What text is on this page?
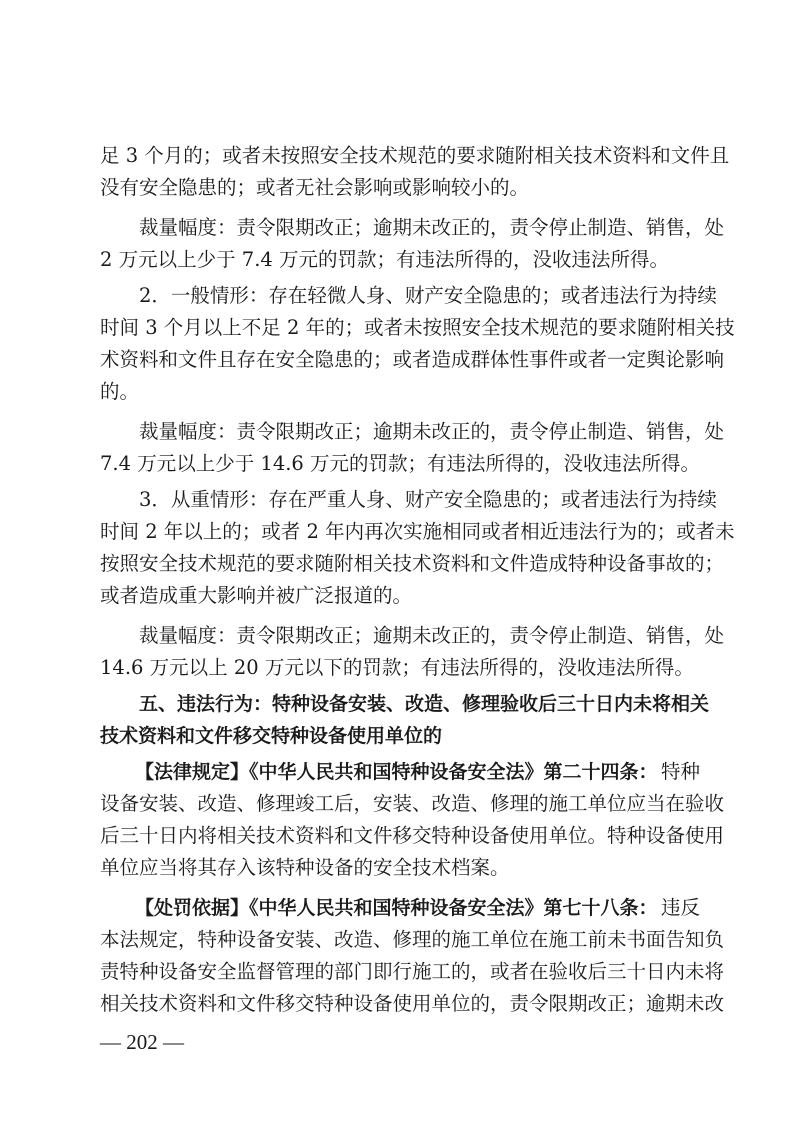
足 3 个月的；或者未按照安全技术规范的要求随附相关技术资料和文件且
没有安全隐患的；或者无社会影响或影响较小的。
裁量幅度：责令限期改正；逾期未改正的，责令停止制造、销售，处
2 万元以上少于 7.4 万元的罚款；有违法所得的，没收违法所得。
2．一般情形：存在轻微人身、财产安全隐患的；或者违法行为持续
时间 3 个月以上不足 2 年的；或者未按照安全技术规范的要求随附相关技
术资料和文件且存在安全隐患的；或者造成群体性事件或者一定舆论影响
的。
裁量幅度：责令限期改正；逾期未改正的，责令停止制造、销售，处
7.4 万元以上少于 14.6 万元的罚款；有违法所得的，没收违法所得。
3．从重情形：存在严重人身、财产安全隐患的；或者违法行为持续
时间 2 年以上的；或者 2 年内再次实施相同或者相近违法行为的；或者未
按照安全技术规范的要求随附相关技术资料和文件造成特种设备事故的；
或者造成重大影响并被广泛报道的。
裁量幅度：责令限期改正；逾期未改正的，责令停止制造、销售，处
14.6 万元以上 20 万元以下的罚款；有违法所得的，没收违法所得。
五、违法行为：特种设备安装、改造、修理验收后三十日内未将相关
技术资料和文件移交特种设备使用单位的
【法律规定】《中华人民共和国特种设备安全法》第二十四条： 特种
设备安装、改造、修理竣工后，安装、改造、修理的施工单位应当在验收
后三十日内将相关技术资料和文件移交特种设备使用单位。特种设备使用
单位应当将其存入该特种设备的安全技术档案。
【处罚依据】《中华人民共和国特种设备安全法》第七十八条： 违反
本法规定，特种设备安装、改造、修理的施工单位在施工前未书面告知负
责特种设备安全监督管理的部门即行施工的，或者在验收后三十日内未将
相关技术资料和文件移交特种设备使用单位的，责令限期改正；逾期未改
— 202 —
